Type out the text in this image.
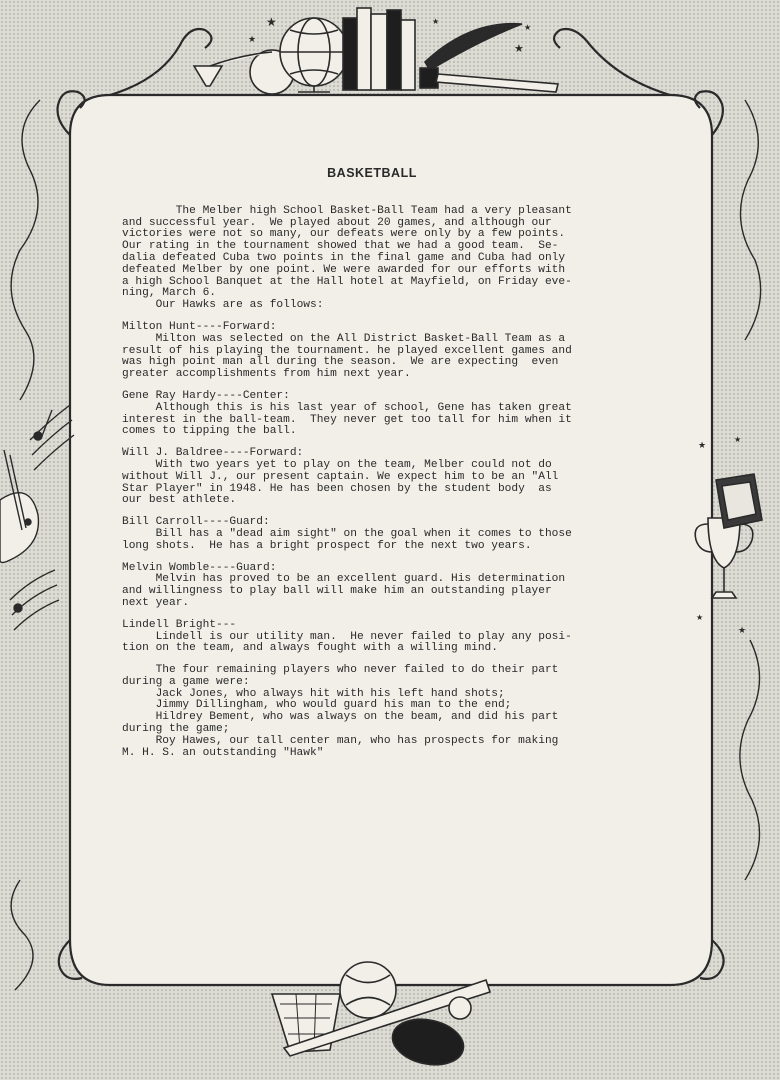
★
★
★
★
★
★
★
★
★
BASKETBALL

The Melber high School Basket-Ball Team had a very pleasant
and successful year.  We played about 20 games, and although our
victories were not so many, our defeats were only by a few points.
Our rating in the tournament showed that we had a good team.  Se-
dalia defeated Cuba two points in the final game and Cuba had only
defeated Melber by one point. We were awarded for our efforts with
a high School Banquet at the Hall hotel at Mayfield, on Friday eve-
ning, March 6.
Our Hawks are as follows:

Milton Hunt----Forward:

Milton was selected on the All District Basket-Ball Team as a
result of his playing the tournament. he played excellent games and
was high point man all during the season.  We are expecting  even
greater accomplishments from him next year.

Gene Ray Hardy----Center:

Although this is his last year of school, Gene has taken great
interest in the ball-team.  They never get too tall for him when it
comes to tipping the ball.

Will J. Baldree----Forward:

With two years yet to play on the team, Melber could not do
without Will J., our present captain. We expect him to be an "All
Star Player" in 1948. He has been chosen by the student body  as
our best athlete.

Bill Carroll----Guard:

Bill has a "dead aim sight" on the goal when it comes to those
long shots.  He has a bright prospect for the next two years.

Melvin Womble----Guard:

Melvin has proved to be an excellent guard. His determination
and willingness to play ball will make him an outstanding player
next year.

Lindell Bright---

Lindell is our utility man.  He never failed to play any posi-
tion on the team, and always fought with a willing mind.

The four remaining players who never failed to do their part
during a game were:
Jack Jones, who always hit with his left hand shots;
Jimmy Dillingham, who would guard his man to the end;
Hildrey Bement, who was always on the beam, and did his part
during the game;
Roy Hawes, our tall center man, who has prospects for making
M. H. S. an outstanding "Hawk"
